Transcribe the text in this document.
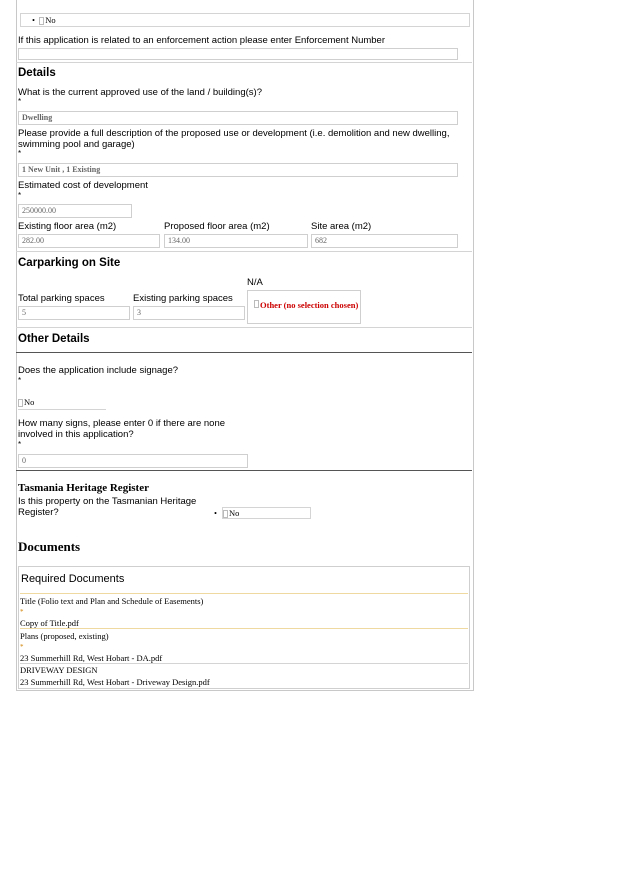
• No
If this application is related to an enforcement action please enter Enforcement Number
Details
What is the current approved use of the land / building(s)?
*
Dwelling
Please provide a full description of the proposed use or development (i.e. demolition and new dwelling, swimming pool and garage)
*
1 New Unit , 1 Existing
Estimated cost of development
*
250000.00
Existing floor area (m2)	Proposed floor area (m2)	Site area (m2)
282.00	134.00	682
Carparking on Site
N/A
Total parking spaces	Existing parking spaces
5	3
Other (no selection chosen)
Other Details
Does the application include signage?
*
No
How many signs, please enter 0 if there are none involved in this application?
*
0
Tasmania Heritage Register
Is this property on the Tasmanian Heritage Register?	•	No
Documents
Required Documents
Title (Folio text and Plan and Schedule of Easements)
*
Copy of Title.pdf
Plans (proposed, existing)
*
23 Summerhill Rd, West Hobart - DA.pdf
DRIVEWAY DESIGN
23 Summerhill Rd, West Hobart - Driveway Design.pdf
